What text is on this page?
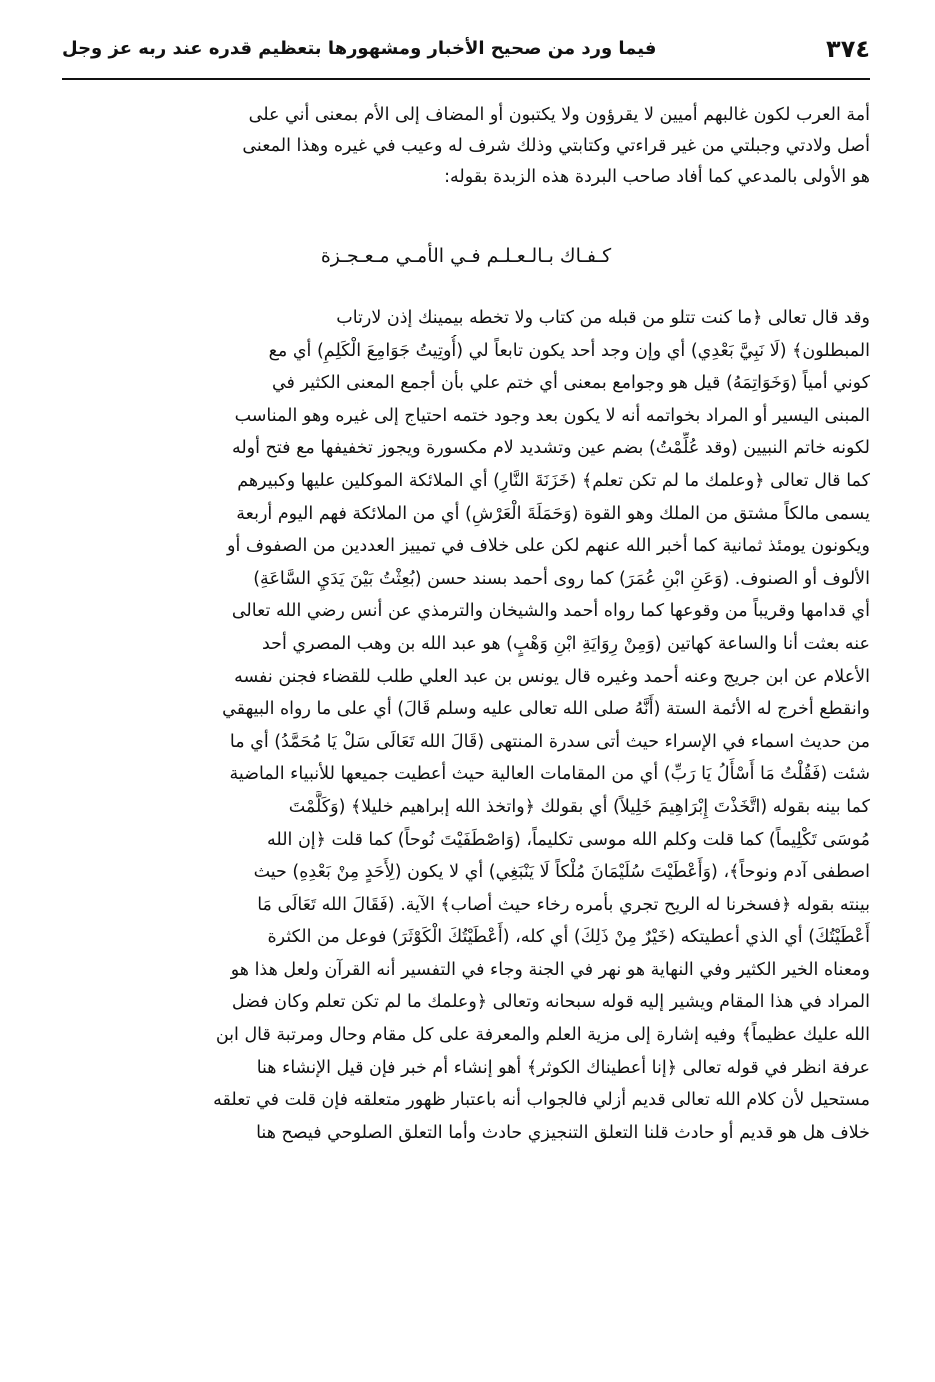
٣٧٤
فيما ورد من صحيح الأخبار ومشهورها بتعظيم قدره عند ربه عز وجل
أمة العرب لكون غالبهم أميين لا يقرؤون ولا يكتبون أو المضاف إلى الأم بمعنى أني على
أصل ولادتي وجبلتي من غير قراءتي وكتابتي وذلك شرف له وعيب في غيره وهذا المعنى
هو الأولى بالمدعي كما أفاد صاحب البردة هذه الزبدة بقوله:
كـفـاك بـالـعـلـم فـي الأمـي مـعـجـزة
وقد قال تعالى ﴿ما كنت تتلو من قبله من كتاب ولا تخطه بيمينك إذن لارتاب
المبطلون﴾ (لَا نَبِيَّ بَعْدِي) أي وإن وجد أحد يكون تابعاً لي (أُوتِيتُ جَوَامِعَ الْكَلِمِ) أي مع
كوني أمياً (وَخَوَاتِمَهُ) قيل هو وجوامع بمعنى أي ختم علي بأن أجمع المعنى الكثير في
المبنى اليسير أو المراد بخواتمه أنه لا يكون بعد وجود ختمه احتياج إلى غيره وهو المناسب
لكونه خاتم النبيين (وقد عُلِّمْتُ) بضم عين وتشديد لام مكسورة ويجوز تخفيفها مع فتح أوله
كما قال تعالى ﴿وعلمك ما لم تكن تعلم﴾ (خَزَنَةَ النَّارِ) أي الملائكة الموكلين عليها وكبيرهم
يسمى مالكاً مشتق من الملك وهو القوة (وَحَمَلَةَ الْعَرْشِ) أي من الملائكة فهم اليوم أربعة
ويكونون يومئذ ثمانية كما أخبر الله عنهم لكن على خلاف في تمييز العددين من الصفوف أو
الألوف أو الصنوف. (وَعَنِ ابْنِ عُمَرَ) كما روى أحمد بسند حسن (بُعِثْتُ بَيْنَ يَدَيِ السَّاعَةِ)
أي قدامها وقريباً من وقوعها كما رواه أحمد والشيخان والترمذي عن أنس رضي الله تعالى
عنه بعثت أنا والساعة كهاتين (وَمِنْ رِوَايَةِ ابْنِ وَهْبٍ) هو عبد الله بن وهب المصري أحد
الأعلام عن ابن جريج وعنه أحمد وغيره قال يونس بن عبد العلي طلب للقضاء فجنن نفسه
وانقطع أخرج له الأئمة الستة (أَنَّهُ صلى الله تعالى عليه وسلم قَالَ) أي على ما رواه البيهقي
من حديث اسماء في الإسراء حيث أتى سدرة المنتهى (قَالَ الله تَعَالَى سَلْ يَا مُحَمَّدُ) أي ما
شئت (فَقُلْتُ مَا أَسْأَلُ يَا رَبِّ) أي من المقامات العالية حيث أعطيت جميعها للأنبياء الماضية
كما بينه بقوله (اتَّخَذْتَ إِبْرَاهِيمَ خَلِيلاً) أي بقولك ﴿واتخذ الله إبراهيم خليلا﴾ (وَكَلَّمْتَ
مُوسَى تَكْلِيماً) كما قلت وكلم الله موسى تكليماً، (وَاصْطَفَيْتَ نُوحاً) كما قلت ﴿إن الله
اصطفى آدم ونوحاً﴾، (وَأَعْطَيْتَ سُلَيْمَانَ مُلْكاً لَا يَنْبَغِي) أي لا يكون (لِأَحَدٍ مِنْ بَعْدِهِ) حيث
بينته بقوله ﴿فسخرنا له الريح تجري بأمره رخاء حيث أصاب﴾ الآية. (فَقَالَ الله تَعَالَى مَا
أَعْطَيْتُكَ) أي الذي أعطيتكه (خَيْرٌ مِنْ ذَلِكَ) أي كله، (أَعْطَيْتُكَ الْكَوْثَرَ) فوعل من الكثرة
ومعناه الخير الكثير وفي النهاية هو نهر في الجنة وجاء في التفسير أنه القرآن ولعل هذا هو
المراد في هذا المقام ويشير إليه قوله سبحانه وتعالى ﴿وعلمك ما لم تكن تعلم وكان فضل
الله عليك عظيماً﴾ وفيه إشارة إلى مزية العلم والمعرفة على كل مقام وحال ومرتبة قال ابن
عرفة انظر في قوله تعالى ﴿إنا أعطيناك الكوثر﴾ أهو إنشاء أم خبر فإن قيل الإنشاء هنا
مستحيل لأن كلام الله تعالى قديم أزلي فالجواب أنه باعتبار ظهور متعلقه فإن قلت في تعلقه
خلاف هل هو قديم أو حادث قلنا التعلق التنجيزي حادث وأما التعلق الصلوحي فيصح هنا
